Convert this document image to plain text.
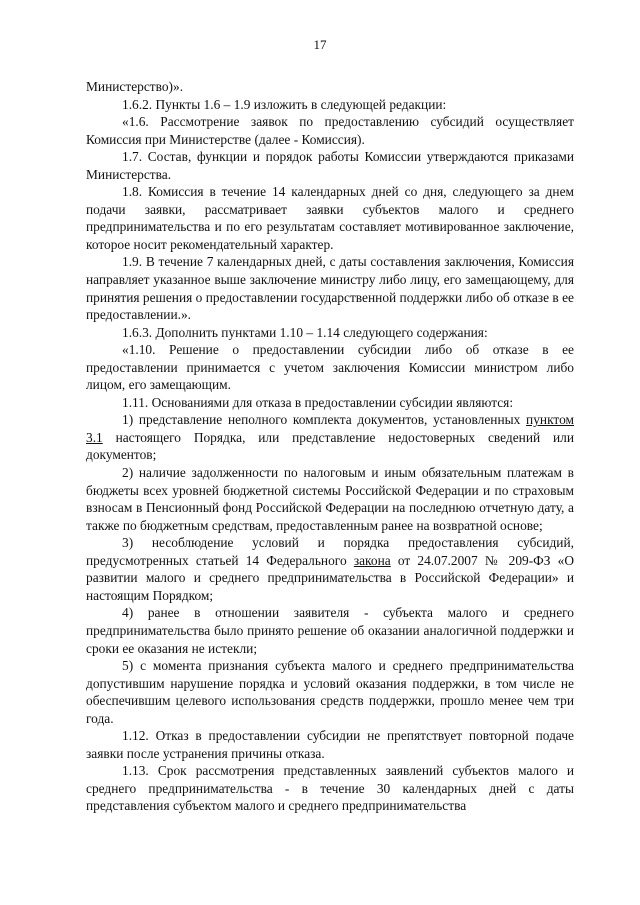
17

Министерство)».

1.6.2. Пункты 1.6 – 1.9 изложить в следующей редакции:

«1.6. Рассмотрение заявок по предоставлению субсидий осуществляет Комиссия при Министерстве (далее - Комиссия).

1.7. Состав, функции и порядок работы Комиссии утверждаются приказами Министерства.

1.8. Комиссия в течение 14 календарных дней со дня, следующего за днем подачи заявки, рассматривает заявки субъектов малого и среднего предпринимательства и по его результатам составляет мотивированное заключение, которое носит рекомендательный характер.

1.9. В течение 7 календарных дней, с даты составления заключения, Комиссия направляет указанное выше заключение министру либо лицу, его замещающему, для принятия решения о предоставлении государственной поддержки либо об отказе в ее предоставлении.».

1.6.3. Дополнить пунктами 1.10 – 1.14 следующего содержания:

«1.10. Решение о предоставлении субсидии либо об отказе в ее предоставлении принимается с учетом заключения Комиссии министром либо лицом, его замещающим.

1.11. Основаниями для отказа в предоставлении субсидии являются:

1) представление неполного комплекта документов, установленных пунктом 3.1 настоящего Порядка, или представление недостоверных сведений или документов;

2) наличие задолженности по налоговым и иным обязательным платежам в бюджеты всех уровней бюджетной системы Российской Федерации и по страховым взносам в Пенсионный фонд Российской Федерации на последнюю отчетную дату, а также по бюджетным средствам, предоставленным ранее на возвратной основе;

3) несоблюдение условий и порядка предоставления субсидий, предусмотренных статьей 14 Федерального закона от 24.07.2007 № 209-ФЗ «О развитии малого и среднего предпринимательства в Российской Федерации» и настоящим Порядком;

4) ранее в отношении заявителя - субъекта малого и среднего предпринимательства было принято решение об оказании аналогичной поддержки и сроки ее оказания не истекли;

5) с момента признания субъекта малого и среднего предпринимательства допустившим нарушение порядка и условий оказания поддержки, в том числе не обеспечившим целевого использования средств поддержки, прошло менее чем три года.

1.12. Отказ в предоставлении субсидии не препятствует повторной подаче заявки после устранения причины отказа.

1.13. Срок рассмотрения представленных заявлений субъектов малого и среднего предпринимательства - в течение 30 календарных дней с даты представления субъектом малого и среднего предпринимательства
